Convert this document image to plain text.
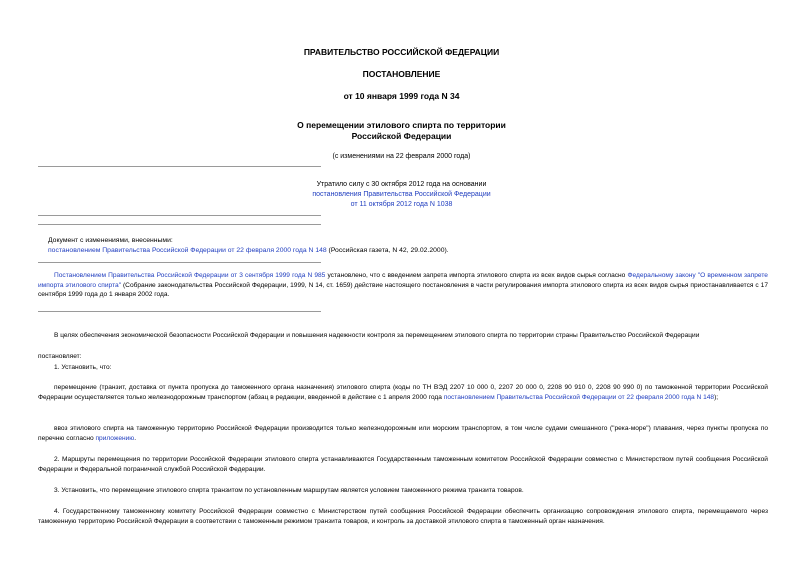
ПРАВИТЕЛЬСТВО РОССИЙСКОЙ ФЕДЕРАЦИИ
ПОСТАНОВЛЕНИЕ
от 10 января 1999 года N 34
О перемещении этилового спирта по территории
Российской Федерации
(с изменениями на 22 февраля 2000 года)
Утратило силу с 30 октября 2012 года на основании
постановления Правительства Российской Федерации
от 11 октября 2012 года N 1038
Документ с изменениями, внесенными:
постановлением Правительства Российской Федерации от 22 февраля 2000 года N 148 (Российская газета, N 42, 29.02.2000).
Постановлением Правительства Российской Федерации от 3 сентября 1999 года N 985 установлено, что с введением запрета импорта этилового спирта из всех видов сырья согласно Федеральному закону "О временном запрете импорта этилового спирта" (Собрание законодательства Российской Федерации, 1999, N 14, ст. 1659) действие настоящего постановления в части регулирования импорта этилового спирта из всех видов сырья приостанавливается с 17 сентября 1999 года до 1 января 2002 года.
В целях обеспечения экономической безопасности Российской Федерации и повышения надежности контроля за перемещением этилового спирта по территории страны Правительство Российской Федерации
постановляет:
1. Установить, что:
перемещение (транзит, доставка от пункта пропуска до таможенного органа назначения) этилового спирта (коды по ТН ВЭД 2207 10 000 0, 2207 20 000 0, 2208 90 910 0, 2208 90 990 0) по таможенной территории Российской Федерации осуществляется только железнодорожным транспортом (абзац в редакции, введенной в действие с 1 апреля 2000 года постановлением Правительства Российской Федерации от 22 февраля 2000 года N 148);
ввоз этилового спирта на таможенную территорию Российской Федерации производится только железнодорожным или морским транспортом, в том числе судами смешанного ("река-море") плавания, через пункты пропуска по перечню согласно приложению.
2. Маршруты перемещения по территории Российской Федерации этилового спирта устанавливаются Государственным таможенным комитетом Российской Федерации совместно с Министерством путей сообщения Российской Федерации и Федеральной пограничной службой Российской Федерации.
3. Установить, что перемещение этилового спирта транзитом по установленным маршрутам является условием таможенного режима транзита товаров.
4. Государственному таможенному комитету Российской Федерации совместно с Министерством путей сообщения Российской Федерации обеспечить организацию сопровождения этилового спирта, перемещаемого через таможенную территорию Российской Федерации в соответствии с таможенным режимом транзита товаров, и контроль за доставкой этилового спирта в таможенный орган назначения.
